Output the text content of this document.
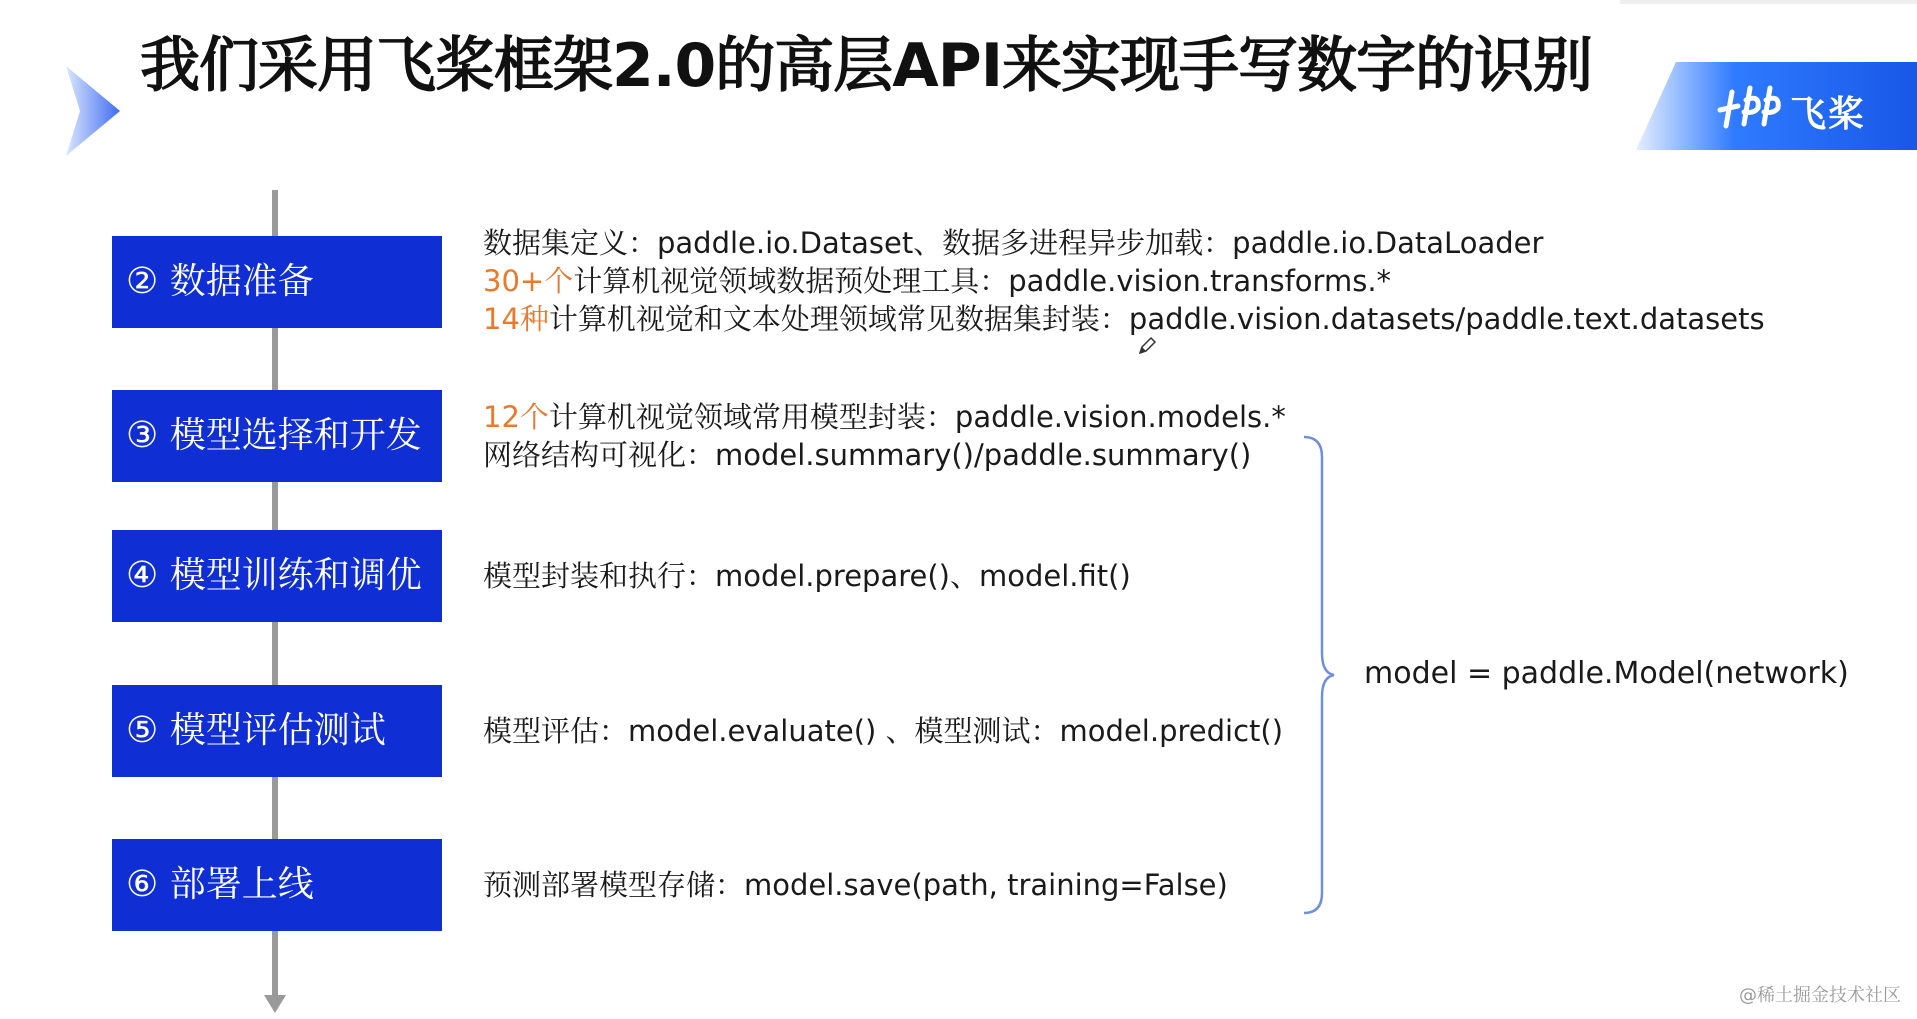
我们采用飞桨框架2.0的高层API来实现手写数字的识别
飞桨
② 数据准备
数据集定义：paddle.io.Dataset、数据多进程异步加载：paddle.io.DataLoader
30+个计算机视觉领域数据预处理工具：paddle.vision.transforms.*
14种计算机视觉和文本处理领域常见数据集封装：paddle.vision.datasets/paddle.text.datasets
③ 模型选择和开发	12个计算机视觉领域常用模型封装：paddle.vision.models.*
网络结构可视化：model.summary()/paddle.summary()
④ 模型训练和调优	模型封装和执行：model.prepare()、model.fit()
⑤ 模型评估测试	模型评估：model.evaluate() 、模型测试：model.predict()
⑥ 部署上线	预测部署模型存储：model.save(path, training=False)
model = paddle.Model(network)
@稀土掘金技术社区
